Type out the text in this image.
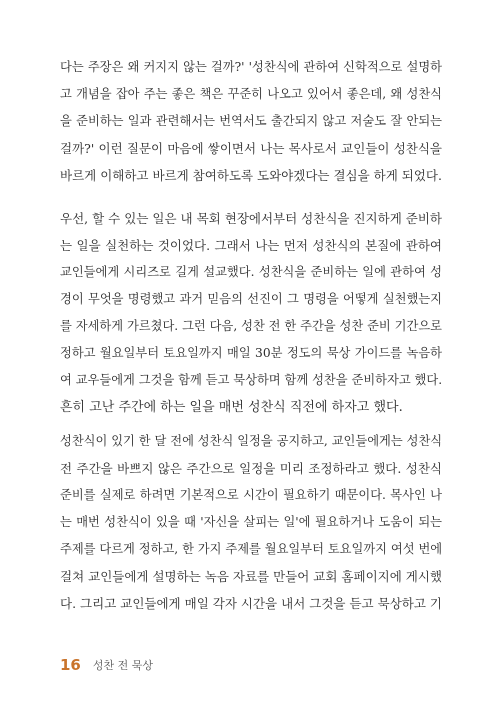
다는 주장은 왜 커지지 않는 걸까?' '성찬식에 관하여 신학적으로 설명하
고 개념을 잡아 주는 좋은 책은 꾸준히 나오고 있어서 좋은데, 왜 성찬식
을 준비하는 일과 관련해서는 번역서도 출간되지 않고 저술도 잘 안되는
걸까?' 이런 질문이 마음에 쌓이면서 나는 목사로서 교인들이 성찬식을
바르게 이해하고 바르게 참여하도록 도와야겠다는 결심을 하게 되었다.
우선, 할 수 있는 일은 내 목회 현장에서부터 성찬식을 진지하게 준비하
는 일을 실천하는 것이었다. 그래서 나는 먼저 성찬식의 본질에 관하여
교인들에게 시리즈로 길게 설교했다. 성찬식을 준비하는 일에 관하여 성
경이 무엇을 명령했고 과거 믿음의 선진이 그 명령을 어떻게 실천했는지
를 자세하게 가르쳤다. 그런 다음, 성찬 전 한 주간을 성찬 준비 기간으로
정하고 월요일부터 토요일까지 매일 30분 정도의 묵상 가이드를 녹음하
여 교우들에게 그것을 함께 듣고 묵상하며 함께 성찬을 준비하자고 했다.
흔히 고난 주간에 하는 일을 매번 성찬식 직전에 하자고 했다.
성찬식이 있기 한 달 전에 성찬식 일정을 공지하고, 교인들에게는 성찬식
전 주간을 바쁘지 않은 주간으로 일정을 미리 조정하라고 했다. 성찬식
준비를 실제로 하려면 기본적으로 시간이 필요하기 때문이다. 목사인 나
는 매번 성찬식이 있을 때 '자신을 살피는 일'에 필요하거나 도움이 되는
주제를 다르게 정하고, 한 가지 주제를 월요일부터 토요일까지 여섯 번에
걸쳐 교인들에게 설명하는 녹음 자료를 만들어 교회 홈페이지에 게시했
다. 그리고 교인들에게 매일 각자 시간을 내서 그것을 듣고 묵상하고 기
16 성찬 전 묵상
